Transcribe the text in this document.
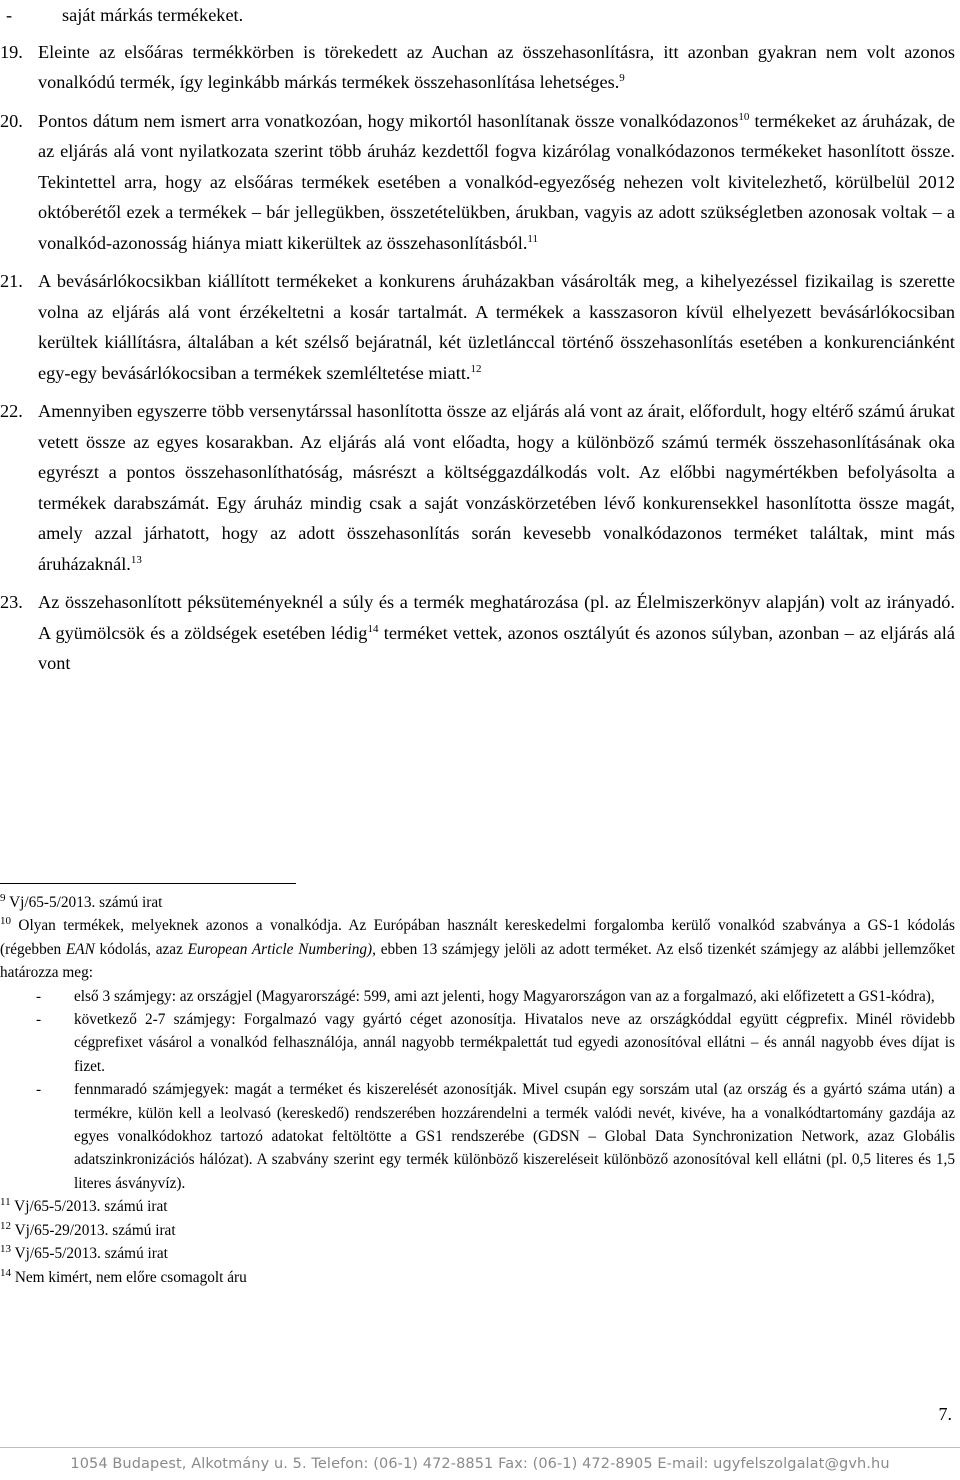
-	saját márkás termékeket.
19. Eleinte az elsőáras termékkörben is törekedett az Auchan az összehasonlításra, itt azonban gyakran nem volt azonos vonalkódú termék, így leginkább márkás termékek összehasonlítása lehetséges.$^9$
20. Pontos dátum nem ismert arra vonatkozóan, hogy mikortól hasonlítanak össze vonalkódazonos$^{10}$ termékeket az áruházak, de az eljárás alá vont nyilatkozata szerint több áruház kezdettől fogva kizárólag vonalkódazonos termékeket hasonlított össze. Tekintettel arra, hogy az elsőáras termékek esetében a vonalkód-egyezőség nehezen volt kivitelezhető, körülbelül 2012 októberétől ezek a termékek – bár jellegükben, összetételükben, árukban, vagyis az adott szükségletben azonosak voltak – a vonalkód-azonosság hiánya miatt kikerültek az összehasonlításból.$^{11}$
21. A bevásárlókocsikban kiállított termékeket a konkurens áruházakban vásárolták meg, a kihelyezéssel fizikailag is szerette volna az eljárás alá vont érzékeltetni a kosár tartalmát. A termékek a kasszasoron kívül elhelyezett bevásárlókocsiban kerültek kiállításra, általában a két szélső bejáratnál, két üzletlánccal történő összehasonlítás esetében a konkurenciánként egy-egy bevásárlókocsiban a termékek szemléltetése miatt.$^{12}$
22. Amennyiben egyszerre több versenytárssal hasonlította össze az eljárás alá vont az árait, előfordult, hogy eltérő számú árukat vetett össze az egyes kosarakban. Az eljárás alá vont előadta, hogy a különböző számú termék összehasonlításának oka egyrészt a pontos összehasonlíthatóság, másrészt a költséggazdálkodás volt. Az előbbi nagymértékben befolyásolta a termékek darabszámát. Egy áruház mindig csak a saját vonzáskörzetében lévő konkurensekkel hasonlította össze magát, amely azzal járhatott, hogy az adott összehasonlítás során kevesebb vonalkódazonos terméket találtak, mint más áruházaknál.$^{13}$
23. Az összehasonlított péksüteményeknél a súly és a termék meghatározása (pl. az Élelmiszerkönyv alapján) volt az irányadó. A gyümölcsök és a zöldségek esetében lédig$^{14}$ terméket vettek, azonos osztályút és azonos súlyban, azonban – az eljárás alá vont

$^9$ Vj/65-5/2013. számú irat

$^{10}$ Olyan termékek, melyeknek azonos a vonalkódja. Az Európában használt kereskedelmi forgalomba kerülő vonalkód szabványa a GS-1 kódolás (régebben EAN kódolás, azaz European Article Numbering), ebben 13 számjegy jelöli az adott terméket. Az első tizenkét számjegy az alábbi jellemzőket határozza meg:

-	első 3 számjegy: az országjel (Magyarországé: 599, ami azt jelenti, hogy Magyarországon van az a forgalmazó, aki előfizetett a GS1-kódra),
-	következő 2-7 számjegy: Forgalmazó vagy gyártó céget azonosítja. Hivatalos neve az országkóddal együtt cégprefix. Minél rövidebb cégprefixet vásárol a vonalkód felhasználója, annál nagyobb termékpalettát tud egyedi azonosítóval ellátni – és annál nagyobb éves díjat is fizet.
-	fennmaradó számjegyek: magát a terméket és kiszerelését azonosítják. Mivel csupán egy sorszám utal (az ország és a gyártó száma után) a termékre, külön kell a leolvasó (kereskedő) rendszerében hozzárendelni a termék valódi nevét, kivéve, ha a vonalkódtartomány gazdája az egyes vonalkódokhoz tartozó adatokat feltöltötte a GS1 rendszerébe (GDSN – Global Data Synchronization Network, azaz Globális adatszinkronizációs hálózat). A szabvány szerint egy termék különböző kiszereléseit különböző azonosítóval kell ellátni (pl. 0,5 literes és 1,5 literes ásványvíz).

$^{11}$ Vj/65-5/2013. számú irat

$^{12}$ Vj/65-29/2013. számú irat

$^{13}$ Vj/65-5/2013. számú irat

$^{14}$ Nem kimért, nem előre csomagolt áru

7.
1054 Budapest, Alkotmány u. 5. Telefon: (06-1) 472-8851 Fax: (06-1) 472-8905 E-mail: ugyfelszolgalat@gvh.hu
